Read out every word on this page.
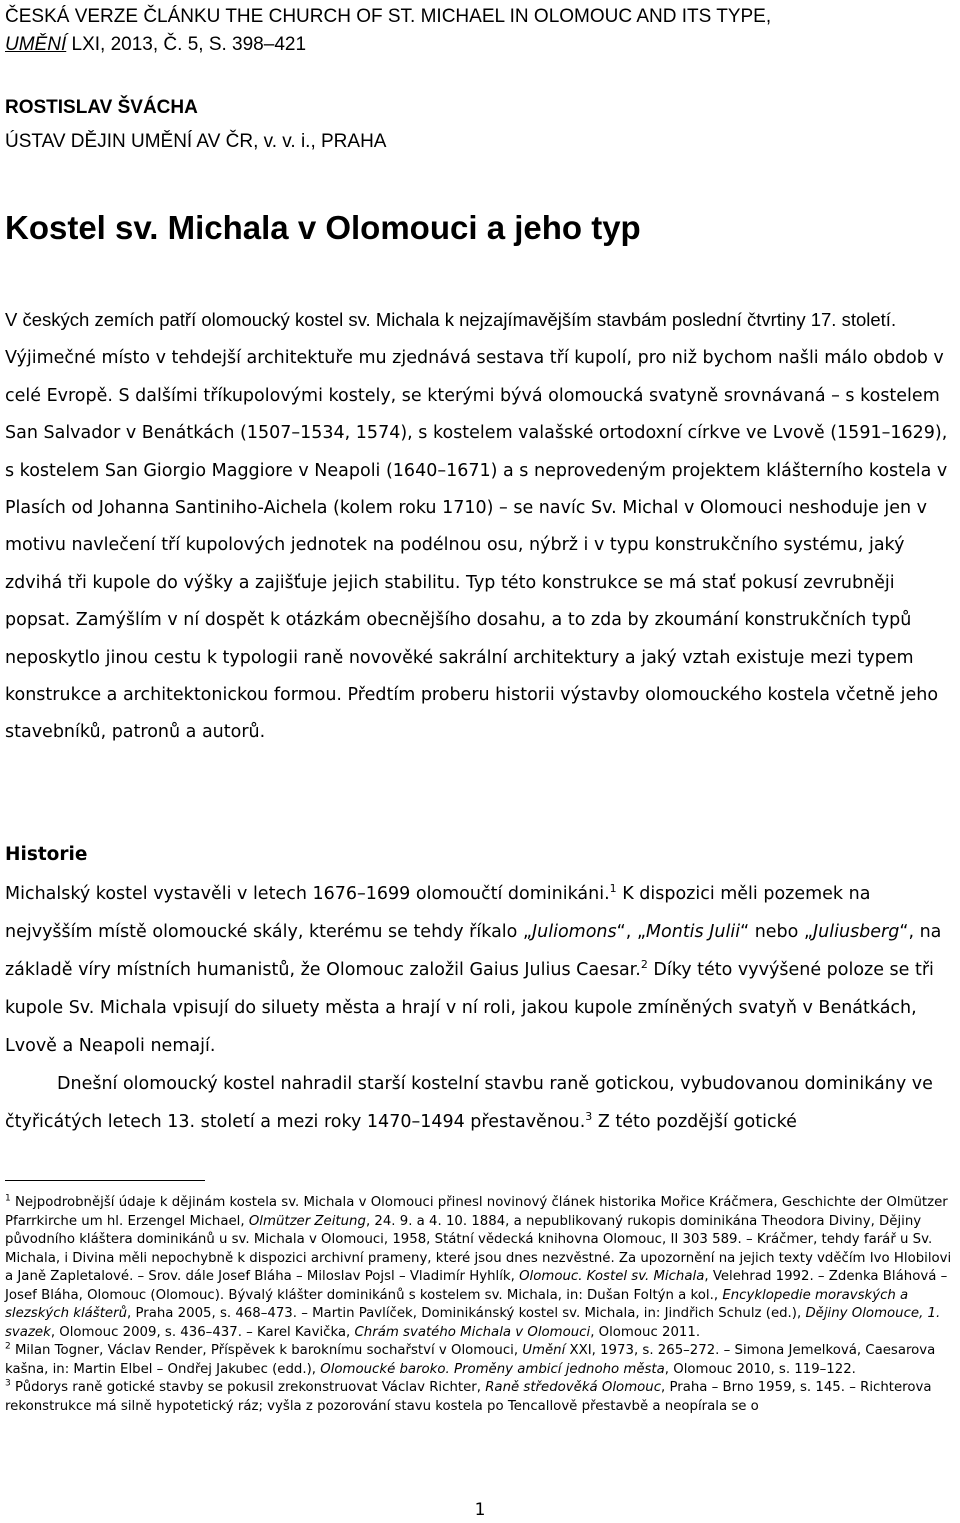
ČESKÁ VERZE ČLÁNKU THE CHURCH OF ST. MICHAEL IN OLOMOUC AND ITS TYPE,
UMĚNÍ LXI, 2013, Č. 5, S. 398–421
ROSTISLAV ŠVÁCHA
ÚSTAV DĚJIN UMĚNÍ AV ČR, v. v. i., PRAHA
Kostel sv. Michala v Olomouci a jeho typ
V českých zemích patří olomoucký kostel sv. Michala k nejzajímavějším stavbám poslední čtvrtiny 17. století. Výjimečné místo v tehdejší architektuře mu zjednává sestava tří kupolí, pro niž bychom našli málo obdob v celé Evropě. S dalšími tříkupolovými kostely, se kterými bývá olomoucká svatyně srovnávaná – s kostelem San Salvador v Benátkách (1507–1534, 1574), s kostelem valašské ortodoxní církve ve Lvově (1591–1629), s kostelem San Giorgio Maggiore v Neapoli (1640–1671) a s neprovedeným projektem klášterního kostela v Plasích od Johanna Santiniho-Aichela (kolem roku 1710) – se navíc Sv. Michal v Olomouci neshoduje jen v motivu navlečení tří kupolových jednotek na podélnou osu, nýbrž i v typu konstrukčního systému, jaký zdvihá tři kupole do výšky a zajišťuje jejich stabilitu. Typ této konstrukce se má stať pokusí zevrubněji popsat. Zamýšlím v ní dospět k otázkám obecnějšího dosahu, a to zda by zkoumání konstrukčních typů neposkytlo jinou cestu k typologii raně novověké sakrální architektury a jaký vztah existuje mezi typem konstrukce a architektonickou formou. Předtím proberu historii výstavby olomouckého kostela včetně jeho stavebníků, patronů a autorů.
Historie
Michalský kostel vystavěli v letech 1676–1699 olomoučtí dominikáni.$^1$ K dispozici měli pozemek na nejvyšším místě olomoucké skály, kterému se tehdy říkalo „Juliomons“, „Montis Julii“ nebo „Juliusberg“, na základě víry místních humanistů, že Olomouc založil Gaius Julius Caesar.$^2$ Díky této vyvýšené poloze se tři kupole Sv. Michala vpisují do siluety města a hrají v ní roli, jakou kupole zmíněných svatyň v Benátkách, Lvově a Neapoli nemají.
Dnešní olomoucký kostel nahradil starší kostelní stavbu raně gotickou, vybudovanou dominikány ve čtyřicátých letech 13. století a mezi roky 1470–1494 přestavěnou.$^3$ Z této pozdější gotické

$^1$ Nejpodrobnější údaje k dějinám kostela sv. Michala v Olomouci přinesl novinový článek historika Mořice Kráčmera, Geschichte der Olmützer Pfarrkirche um hl. Erzengel Michael, Olmützer Zeitung, 24. 9. a 4. 10. 1884, a nepublikovaný rukopis dominikána Theodora Diviny, Dějiny původního kláštera dominikánů u sv. Michala v Olomouci, 1958, Státní vědecká knihovna Olomouc, II 303 589. – Kráčmer, tehdy farář u Sv. Michala, i Divina měli nepochybně k dispozici archivní prameny, které jsou dnes nezvěstné. Za upozornění na jejich texty vděčím Ivo Hlobilovi a Janě Zapletalové. – Srov. dále Josef Bláha – Miloslav Pojsl – Vladimír Hyhlík, Olomouc. Kostel sv. Michala, Velehrad 1992. – Zdenka Bláhová – Josef Bláha, Olomouc (Olomouc). Bývalý klášter dominikánů s kostelem sv. Michala, in: Dušan Foltýn a kol., Encyklopedie moravských a slezských klášterů, Praha 2005, s. 468–473. – Martin Pavlíček, Dominikánský kostel sv. Michala, in: Jindřich Schulz (ed.), Dějiny Olomouce, 1. svazek, Olomouc 2009, s. 436–437. – Karel Kavička, Chrám svatého Michala v Olomouci, Olomouc 2011.

$^2$ Milan Togner, Václav Render, Příspěvek k baroknímu sochařství v Olomouci, Umění XXI, 1973, s. 265–272. – Simona Jemelková, Caesarova kašna, in: Martin Elbel – Ondřej Jakubec (edd.), Olomoucké baroko. Proměny ambicí jednoho města, Olomouc 2010, s. 119–122.

$^3$ Půdorys raně gotické stavby se pokusil zrekonstruovat Václav Richter, Raně středověká Olomouc, Praha – Brno 1959, s. 145. – Richterova rekonstrukce má silně hypotetický ráz; vyšla z pozorování stavu kostela po Tencallově přestavbě a neopírala se o

1
